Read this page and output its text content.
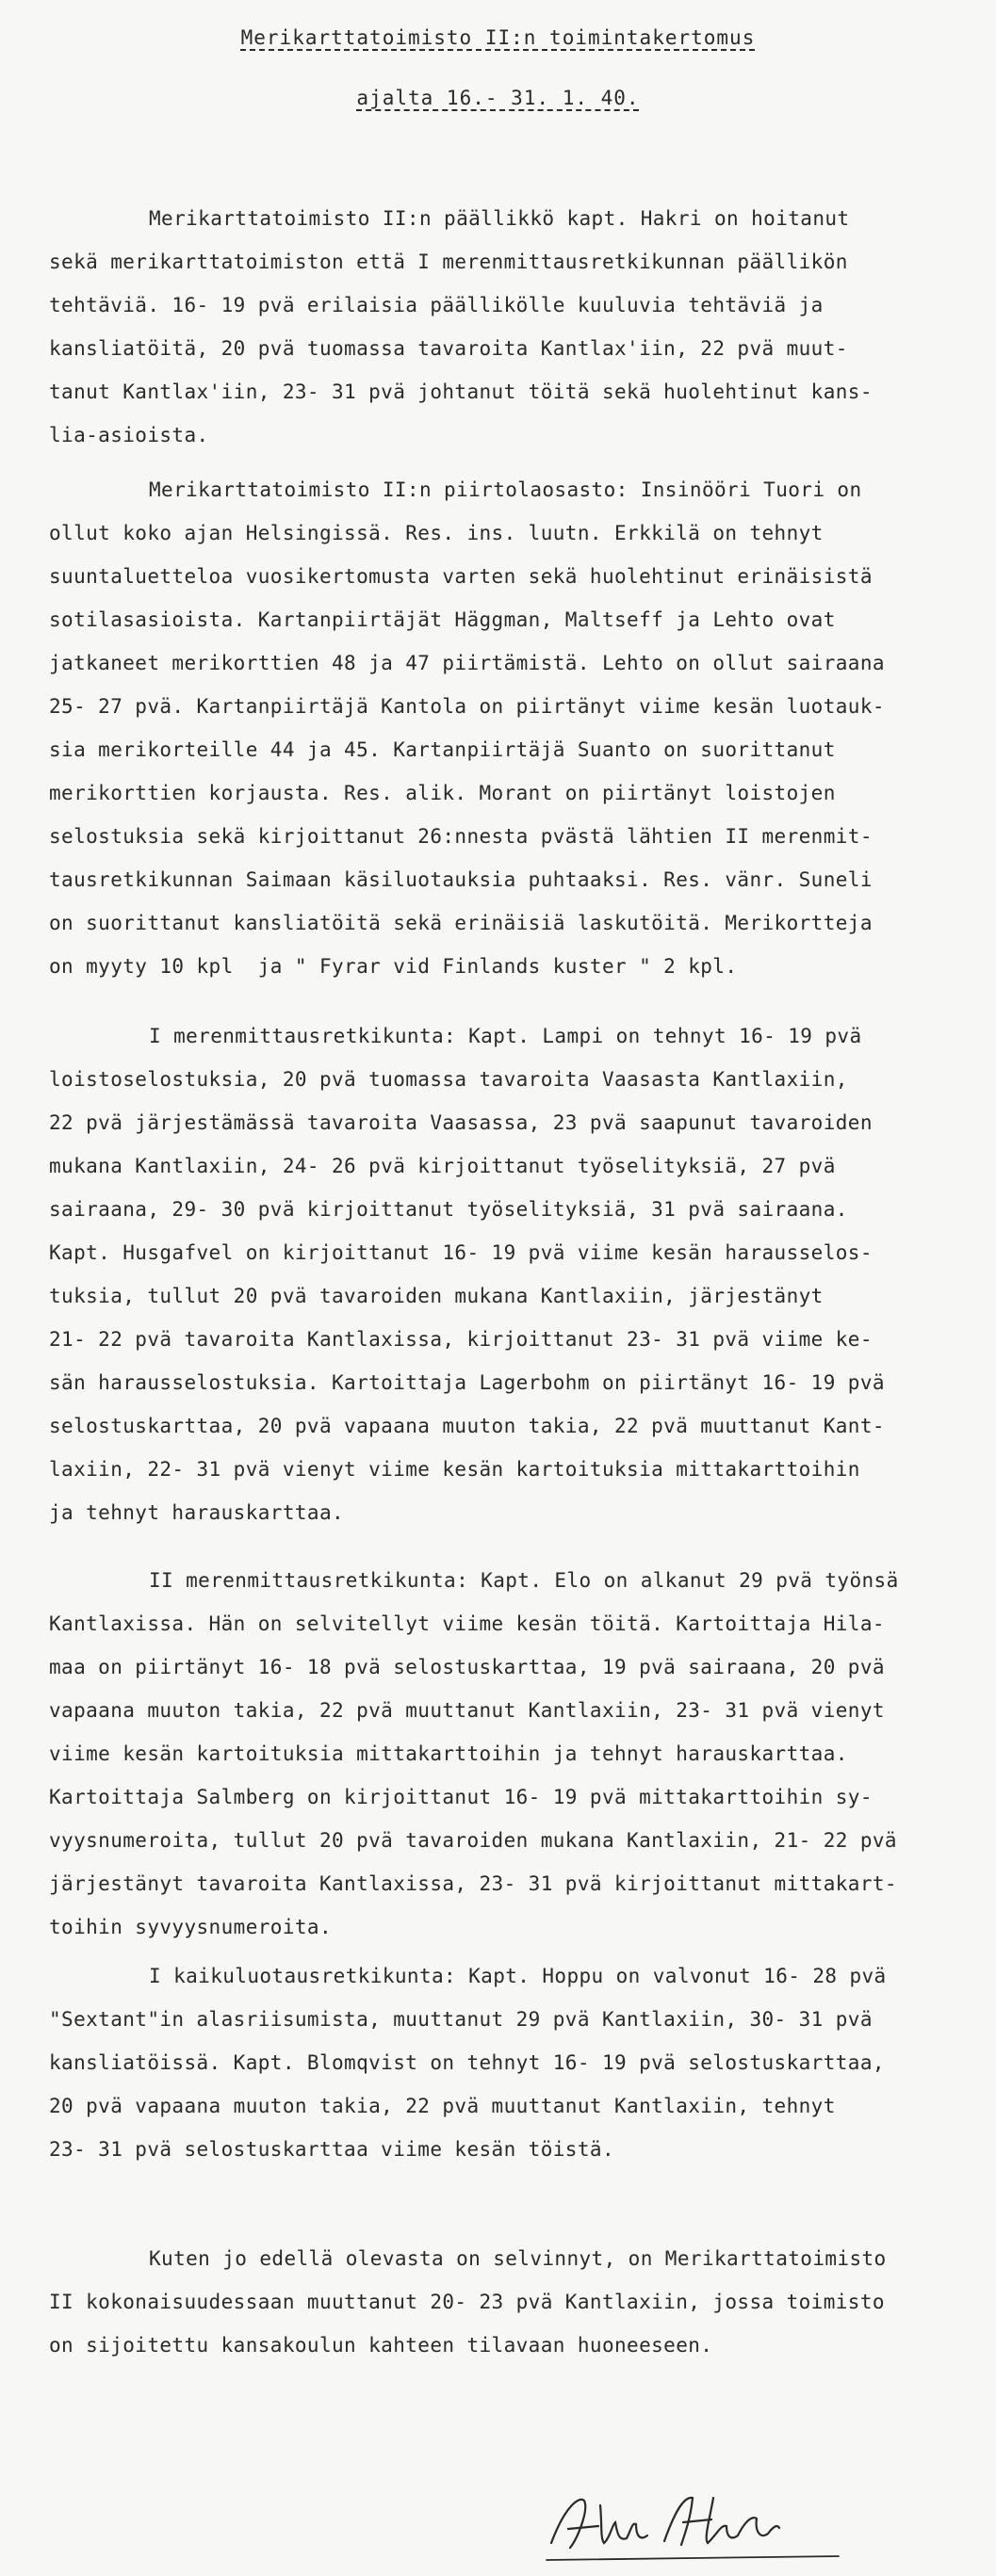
Merikarttatoimisto II:n toimintakertomus
ajalta 16.- 31. 1. 40.
Merikarttatoimisto II:n päällikkö kapt. Hakri on hoitanut
sekä merikarttatoimiston että I merenmittausretkikunnan päällikön
tehtäviä. 16- 19 pvä erilaisia päällikölle kuuluvia tehtäviä ja
kansliatöitä, 20 pvä tuomassa tavaroita Kantlax'iin, 22 pvä muut-
tanut Kantlax'iin, 23- 31 pvä johtanut töitä sekä huolehtinut kans-
lia-asioista.
Merikarttatoimisto II:n piirtolaosasto: Insinööri Tuori on
ollut koko ajan Helsingissä. Res. ins. luutn. Erkkilä on tehnyt
suuntaluetteloa vuosikertomusta varten sekä huolehtinut erinäisistä
sotilasasioista. Kartanpiirtäjät Häggman, Maltseff ja Lehto ovat
jatkaneet merikorttien 48 ja 47 piirtämistä. Lehto on ollut sairaana
25- 27 pvä. Kartanpiirtäjä Kantola on piirtänyt viime kesän luotauk-
sia merikorteille 44 ja 45. Kartanpiirtäjä Suanto on suorittanut
merikorttien korjausta. Res. alik. Morant on piirtänyt loistojen
selostuksia sekä kirjoittanut 26:nnesta pvästä lähtien II merenmit-
tausretkikunnan Saimaan käsiluotauksia puhtaaksi. Res. vänr. Suneli
on suorittanut kansliatöitä sekä erinäisiä laskutöitä. Merikortteja
on myyty 10 kpl  ja " Fyrar vid Finlands kuster " 2 kpl.
I merenmittausretkikunta: Kapt. Lampi on tehnyt 16- 19 pvä
loistoselostuksia, 20 pvä tuomassa tavaroita Vaasasta Kantlaxiin,
22 pvä järjestämässä tavaroita Vaasassa, 23 pvä saapunut tavaroiden
mukana Kantlaxiin, 24- 26 pvä kirjoittanut työselityksiä, 27 pvä
sairaana, 29- 30 pvä kirjoittanut työselityksiä, 31 pvä sairaana.
Kapt. Husgafvel on kirjoittanut 16- 19 pvä viime kesän harausselos-
tuksia, tullut 20 pvä tavaroiden mukana Kantlaxiin, järjestänyt
21- 22 pvä tavaroita Kantlaxissa, kirjoittanut 23- 31 pvä viime ke-
sän harausselostuksia. Kartoittaja Lagerbohm on piirtänyt 16- 19 pvä
selostuskarttaa, 20 pvä vapaana muuton takia, 22 pvä muuttanut Kant-
laxiin, 22- 31 pvä vienyt viime kesän kartoituksia mittakarttoihin
ja tehnyt harauskarttaa.
II merenmittausretkikunta: Kapt. Elo on alkanut 29 pvä työnsä
Kantlaxissa. Hän on selvitellyt viime kesän töitä. Kartoittaja Hila-
maa on piirtänyt 16- 18 pvä selostuskarttaa, 19 pvä sairaana, 20 pvä
vapaana muuton takia, 22 pvä muuttanut Kantlaxiin, 23- 31 pvä vienyt
viime kesän kartoituksia mittakarttoihin ja tehnyt harauskarttaa.
Kartoittaja Salmberg on kirjoittanut 16- 19 pvä mittakarttoihin sy-
vyysnumeroita, tullut 20 pvä tavaroiden mukana Kantlaxiin, 21- 22 pvä
järjestänyt tavaroita Kantlaxissa, 23- 31 pvä kirjoittanut mittakart-
toihin syvyysnumeroita.
I kaikuluotausretkikunta: Kapt. Hoppu on valvonut 16- 28 pvä
"Sextant"in alasriisumista, muuttanut 29 pvä Kantlaxiin, 30- 31 pvä
kansliatöissä. Kapt. Blomqvist on tehnyt 16- 19 pvä selostuskarttaa,
20 pvä vapaana muuton takia, 22 pvä muuttanut Kantlaxiin, tehnyt
23- 31 pvä selostuskarttaa viime kesän töistä.
Kuten jo edellä olevasta on selvinnyt, on Merikarttatoimisto
II kokonaisuudessaan muuttanut 20- 23 pvä Kantlaxiin, jossa toimisto
on sijoitettu kansakoulun kahteen tilavaan huoneeseen.
